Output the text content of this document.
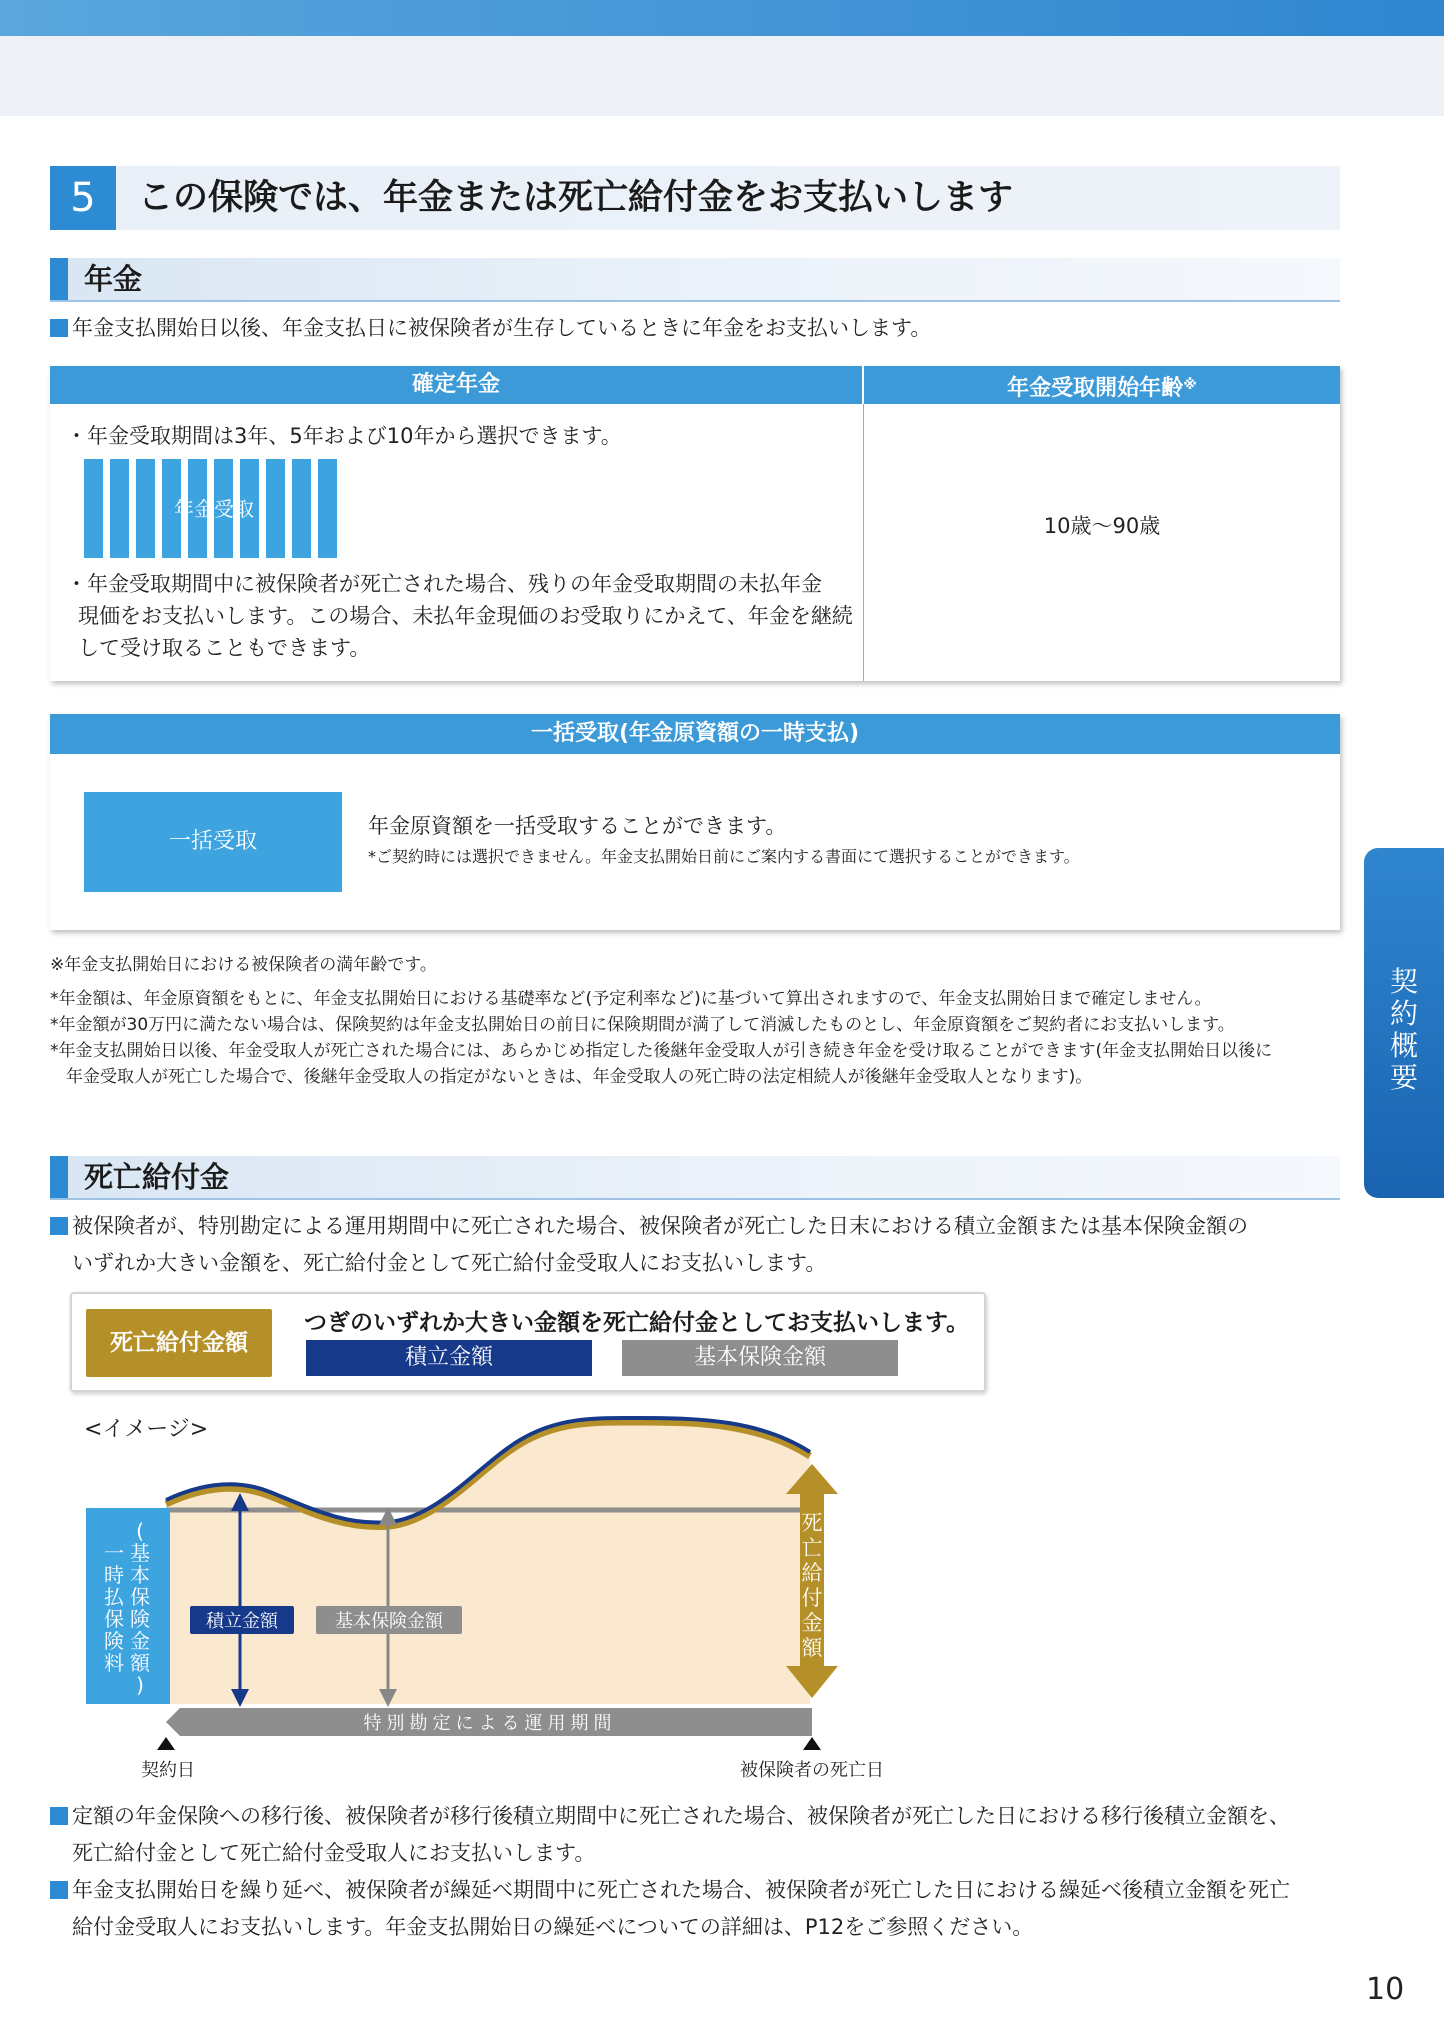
5	この保険では、年金または死亡給付金をお支払いします
年金
年金支払開始日以後、年金支払日に被保険者が生存しているときに年金をお支払いします。
確定年金	年金受取開始年齢※
・年金受取期間は3年、5年および10年から選択できます。
年金受取
・年金受取期間中に被保険者が死亡された場合、残りの年金受取期間の未払年金
現価をお支払いします。この場合、未払年金現価のお受取りにかえて、年金を継続
して受け取ることもできます。
10歳～90歳
一括受取(年金原資額の一時支払)
一括受取
年金原資額を一括受取することができます。
*ご契約時には選択できません。年金支払開始日前にご案内する書面にて選択することができます。
※年金支払開始日における被保険者の満年齢です。
*年金額は、年金原資額をもとに、年金支払開始日における基礎率など(予定利率など)に基づいて算出されますので、年金支払開始日まで確定しません。
*年金額が30万円に満たない場合は、保険契約は年金支払開始日の前日に保険期間が満了して消滅したものとし、年金原資額をご契約者にお支払いします。
*年金支払開始日以後、年金受取人が死亡された場合には、あらかじめ指定した後継年金受取人が引き続き年金を受け取ることができます(年金支払開始日以後に
年金受取人が死亡した場合で、後継年金受取人の指定がないときは、年金受取人の死亡時の法定相続人が後継年金受取人となります)。
契
約
概
要
死亡給付金
被保険者が、特別勘定による運用期間中に死亡された場合、被保険者が死亡した日末における積立金額または基本保険金額の
いずれか大きい金額を、死亡給付金として死亡給付金受取人にお支払いします。
死亡給付金額
つぎのいずれか大きい金額を死亡給付金としてお支払いします。
積立金額	基本保険金額
<イメージ>
(
基
本
保
険
金
額
)
一
時
払
保
険
料
積立金額	基本保険金額
死
亡
給
付
金
額
特別勘定による運用期間
契約日	被保険者の死亡日
定額の年金保険への移行後、被保険者が移行後積立期間中に死亡された場合、被保険者が死亡した日における移行後積立金額を、
死亡給付金として死亡給付金受取人にお支払いします。
年金支払開始日を繰り延べ、被保険者が繰延べ期間中に死亡された場合、被保険者が死亡した日における繰延べ後積立金額を死亡
給付金受取人にお支払いします。年金支払開始日の繰延べについての詳細は、P12をご参照ください。
10
